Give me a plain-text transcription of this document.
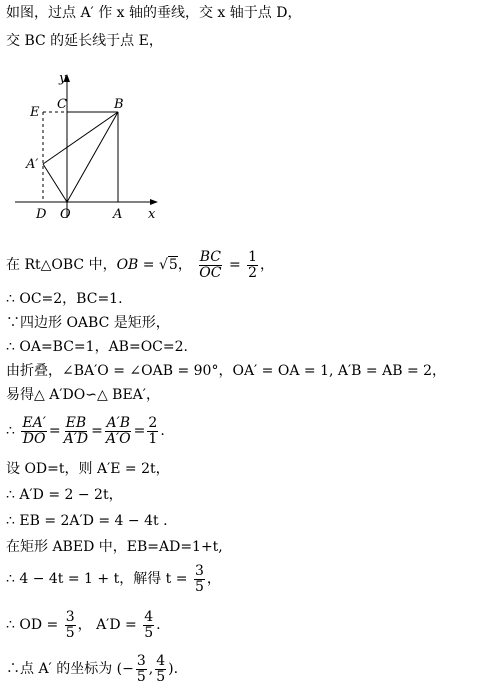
如图，过点 A′ 作 x 轴的垂线，交 x 轴于点 D，
交 BC 的延长线于点 E，
y
C	B
E
A′
D O	A x
在 Rt△OBC 中，OB = √5， $\frac{BC}{OC} = \frac{1}{2}$ ，
∴ OC=2，BC=1.
∵四边形 OABC 是矩形，
∴ OA=BC=1，AB=OC=2.
由折叠，∠BA′O = ∠OAB = 90°，OA′ = OA = 1, A′B = AB = 2，
易得△ A′DO∽△ BEA′，
∴ $\frac{EA'}{DO} = \frac{EB}{A'D} = \frac{A'B}{A'O} = \frac{2}{1}$ .
设 OD=t，则 A′E = 2t，
∴ A′D = 2 − 2t，
∴ EB = 2A′D = 4 − 4t .
在矩形 ABED 中，EB=AD=1+t,
∴ 4 − 4t = 1 + t，解得 $t = \frac{3}{5}$ ，
∴ OD = $\frac{3}{5}$ ， $A'D = \frac{4}{5}$ .
∴点 A′ 的坐标为 (− $\frac{3}{5}$ , $\frac{4}{5}$ ).
